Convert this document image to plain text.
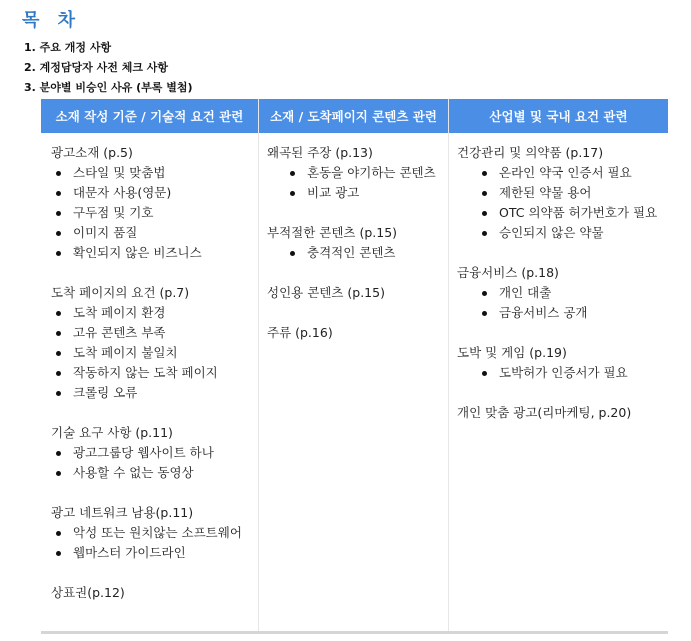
목 차
1. 주요 개정 사항
2. 계정담당자 사전 체크 사항
3. 분야별 비승인 사유 (부록 별첨)
소재 작성 기준 / 기술적 요건 관련	소재 / 도착페이지 콘텐츠 관련	산업별 및 국내 요건 관련
광고소재 (p.5)
스타일 및 맞춤법
대문자 사용(영문)
구두점 및 기호
이미지 품질
확인되지 않은 비즈니스
도착 페이지의 요건 (p.7)
도착 페이지 환경
고유 콘텐츠 부족
도착 페이지 불일치
작동하지 않는 도착 페이지
크롤링 오류
기술 요구 사항 (p.11)
광고그룹당 웹사이트 하나
사용할 수 없는 동영상
광고 네트워크 남용(p.11)
악성 또는 원치않는 소프트웨어
웹마스터 가이드라인
상표권(p.12)
왜곡된 주장 (p.13)
혼동을 야기하는 콘텐츠
비교 광고
부적절한 콘텐츠 (p.15)
충격적인 콘텐츠
성인용 콘텐츠 (p.15)
주류 (p.16)
건강관리 및 의약품 (p.17)
온라인 약국 인증서 필요
제한된 약물 용어
OTC 의약품 허가번호가 필요
승인되지 않은 약물
금융서비스 (p.18)
개인 대출
금융서비스 공개
도박 및 게임 (p.19)
도박허가 인증서가 필요
개인 맞춤 광고(리마케팅, p.20)
